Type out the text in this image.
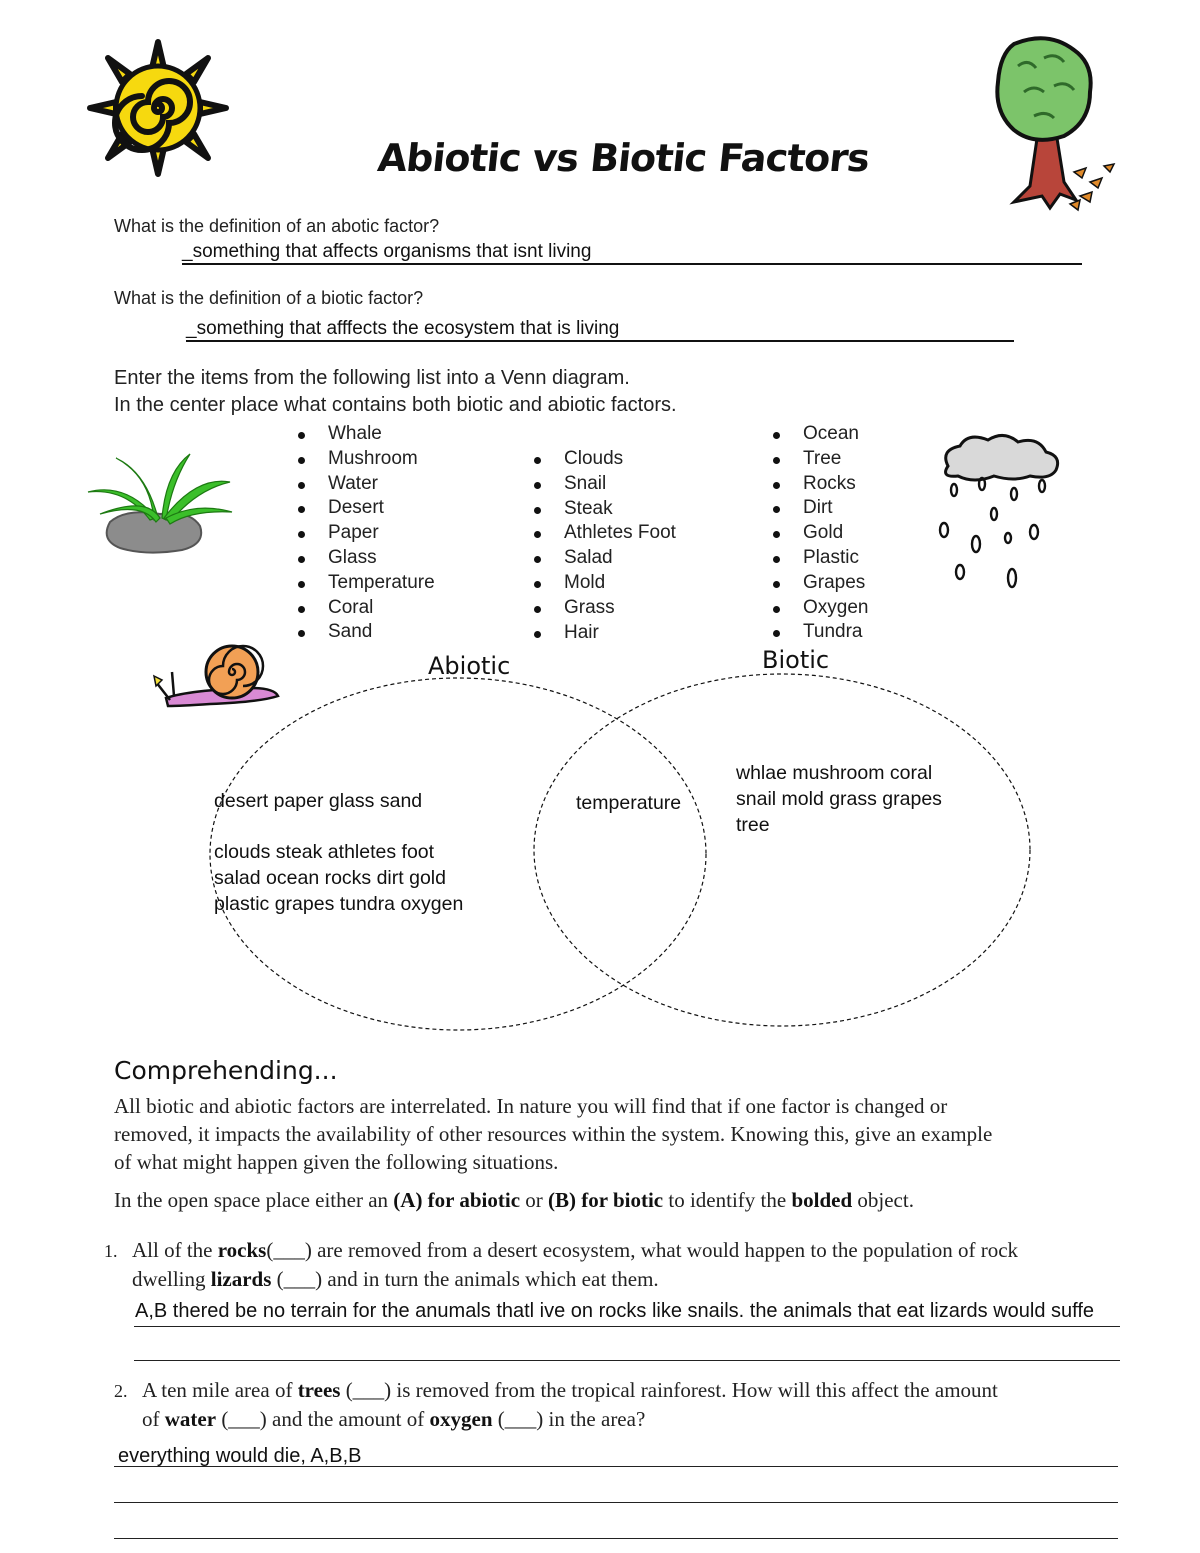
Abiotic vs Biotic Factors
What is the definition of an abotic factor?
_something that affects organisms that isnt living
What is the definition of a biotic factor?
_something that afffects the ecosystem that is living
Enter the items from the following list into a Venn diagram.
In the center place what contains both biotic and abiotic factors.
Whale
Mushroom
Water
Desert
Paper
Glass
Temperature
Coral
Sand
Clouds
Snail
Steak
Athletes Foot
Salad
Mold
Grass
Hair
Ocean
Tree
Rocks
Dirt
Gold
Plastic
Grapes
Oxygen
Tundra
Abiotic	Biotic
desert paper glass sand
clouds steak athletes foot
salad ocean rocks dirt gold
plastic grapes tundra oxygen
temperature
whlae mushroom coral
snail mold grass grapes
tree
Comprehending...
All biotic and abiotic factors are interrelated. In nature you will find that if one factor is changed or
removed, it impacts the availability of other resources within the system. Knowing this, give an example
of what might happen given the following situations.
In the open space place either an (A) for abiotic or (B) for biotic to identify the bolded object.
1. All of the rocks(___) are removed from a desert ecosystem, what would happen to the population of rock
dwelling lizards (___) and in turn the animals which eat them.
A,B thered be no terrain for the anumals thatl ive on rocks like snails. the animals that eat lizards would suffe
2. A ten mile area of trees (___) is removed from the tropical rainforest. How will this affect the amount
of water (___) and the amount of oxygen (___) in the area?
everything would die, A,B,B
